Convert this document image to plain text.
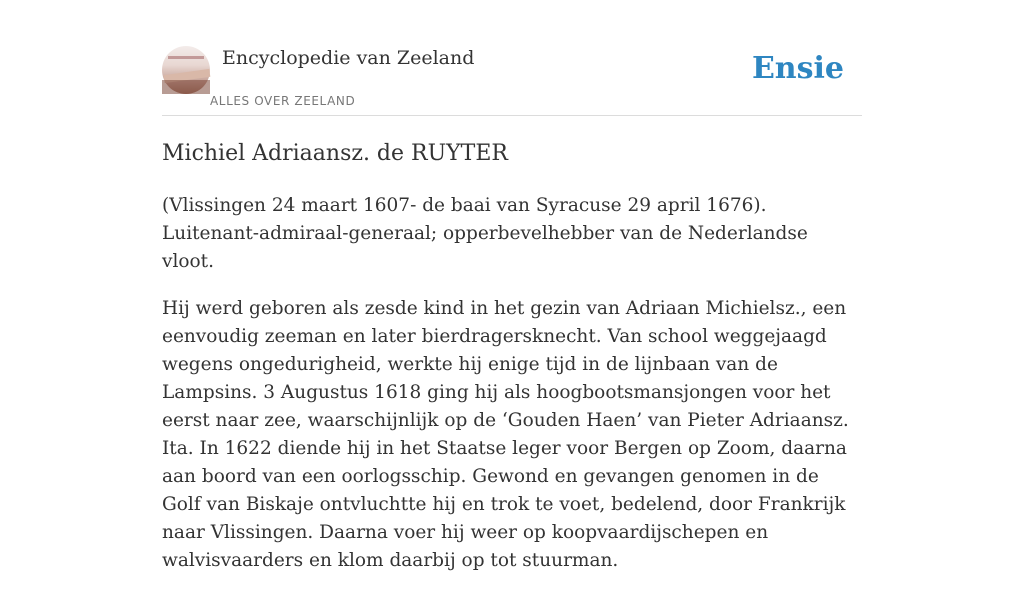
Encyclopedie van Zeeland
ALLES OVER ZEELAND
Ensie
Michiel Adriaansz. de RUYTER

(Vlissingen 24 maart 1607- de baai van Syracuse 29 april 1676). Luitenant-admiraal-generaal; opperbevelhebber van de Nederlandse vloot.

Hij werd geboren als zesde kind in het gezin van Adriaan Michielsz., een eenvoudig zeeman en later bierdragersknecht. Van school weggejaagd wegens ongedurigheid, werkte hij enige tijd in de lijnbaan van de Lampsins. 3 Augustus 1618 ging hij als hoogbootsmansjongen voor het eerst naar zee, waarschijnlijk op de ‘Gouden Haen’ van Pieter Adriaansz. Ita. In 1622 diende hij in het Staatse leger voor Bergen op Zoom, daarna aan boord van een oorlogsschip. Gewond en gevangen genomen in de Golf van Biskaje ontvluchtte hij en trok te voet, bedelend, door Frankrijk naar Vlissingen. Daarna voer hij weer op koopvaardijschepen en walvisvaarders en klom daarbij op tot stuurman.
